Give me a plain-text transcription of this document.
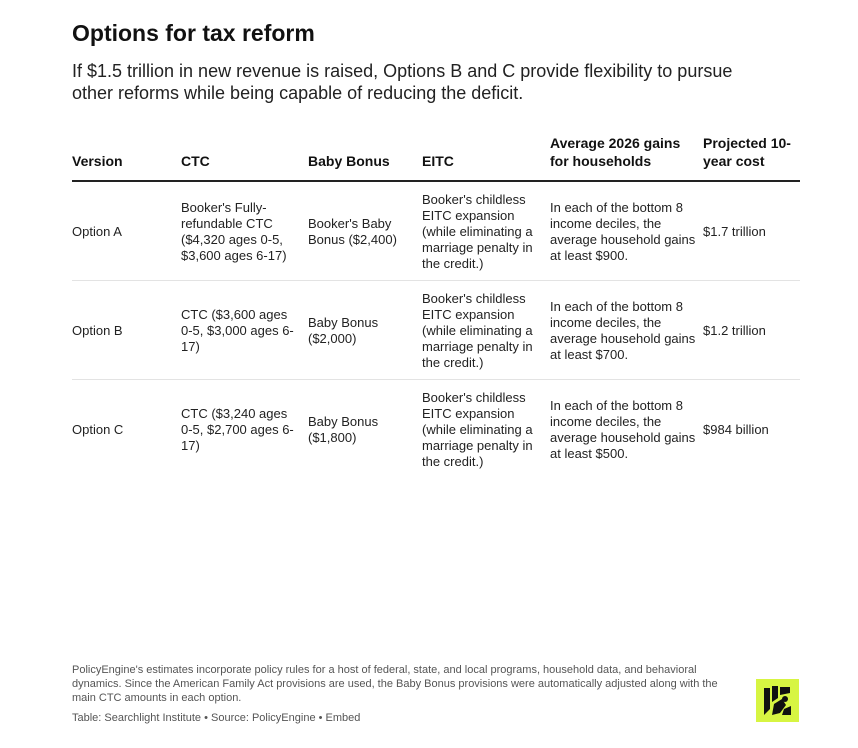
Options for tax reform

If $1.5 trillion in new revenue is raised, Options B and C provide flexibility to pursue other reforms while being capable of reducing the deficit.

Version	CTC	Baby Bonus	EITC	Average 2026 gains for households	Projected 10-year cost
Option A	Booker's Fully-refundable CTC ($4,320 ages 0-5, $3,600 ages 6-17)	Booker's Baby Bonus ($2,400)	Booker's childless EITC expansion (while eliminating a marriage penalty in the credit.)	In each of the bottom 8 income deciles, the average household gains at least $900.	$1.7 trillion
Option B	CTC ($3,600 ages 0-5, $3,000 ages 6-17)	Baby Bonus ($2,000)	Booker's childless EITC expansion (while eliminating a marriage penalty in the credit.)	In each of the bottom 8 income deciles, the average household gains at least $700.	$1.2 trillion
Option C	CTC ($3,240 ages 0-5, $2,700 ages 6-17)	Baby Bonus ($1,800)	Booker's childless EITC expansion (while eliminating a marriage penalty in the credit.)	In each of the bottom 8 income deciles, the average household gains at least $500.	$984 billion
PolicyEngine's estimates incorporate policy rules for a host of federal, state, and local programs, household data, and behavioral dynamics. Since the American Family Act provisions are used, the Baby Bonus provisions were automatically adjusted along with the main CTC amounts in each option.
Table: Searchlight Institute • Source: PolicyEngine • Embed
